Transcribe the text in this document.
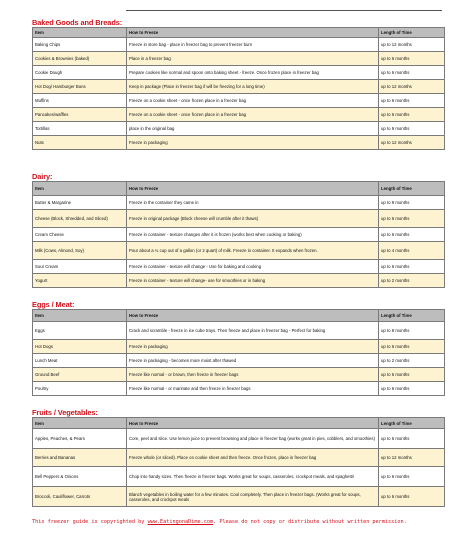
Baked Goods and Breads:
Item	How to Freeze	Length of Time
Baking Chips	Freeze in store bag - place in freezer bag to prevent freezer burn	up to 12 months
Cookies & Brownies (baked)	Place in a freezer bag	up to 6 months
Cookie Dough	Prepare cookies like normal and spoon onto baking sheet - freeze. Once frozen place in freezer bag	up to 6 months
Hot Dog/ Hamburger Buns	Keep in package (Place in freezer bag if will be freezing for a long time)	up to 12 months
Muffins	Freeze on a cookie sheet - once frozen place in a freezer bag	up to 6 months
Pancakes/waffles	Freeze on a cookie sheet - once frozen place in a freezer bag	up to 6 months
Tortillas	place in the original bag	up to 9 months
Nuts	Freeze in packaging	up to 12 months
Dairy:
Item	How to Freeze	Length of Time
Butter & Margarine	Freeze in the container they came in	up to 9 months
Cheese (Block, Shredded, and Sliced)	Freeze in original package (Block cheese will crumble after it thaws)	up to 6 months
Cream Cheese	Freeze in container - texture changes after it is frozen (works best when cooking or baking)	up to 6 months
Milk (Cows, Almond, Soy)	Pour about a ¼ cup out of a gallon (or 2 quart) of milk. Freeze in container. It expands when frozen.	up to 4 months
Sour Cream	Freeze in container - texture will change - Use for baking and cooking	up to 6 months
Yogurt	Freeze in container - texture will change- use for smoothies or in baking	up to 2 months
Eggs / Meat:
Item	How to Freeze	Length of Time
Eggs	Crack and scramble - freeze in ice cube trays. Then freeze and place in freezer bag - Perfect for baking	up to 8 months
Hot Dogs	Freeze in packaging	up to 6 months
Lunch Meat	Freeze in packaging - becomes more moist after thawed	up to 2 months
Ground Beef	Freeze like normal - or brown, then freeze in freezer bags	up to 6 months
Poultry	Freeze like normal - or marinate and then freeze in freezer bags	up to 6 months
Fruits / Vegetables:
Item	How to Freeze	Length of Time
Apples, Peaches, & Pears	Core, peel and slice. Use lemon juice to prevent browning and place in freezer bag (works great in pies, cobblers, and smoothies)	up to 6 months
Berries and Bananas	Freeze whole (or sliced). Place on cookie sheet and then freeze. Once frozen, place in freezer bag	up to 12 months
Bell Peppers & Onions	Chop into handy sizes. Then freeze in freezer bags. Works great for soups, casseroles, crockpot meals, and spaghetti!	up to 6 months
Broccoli, Cauliflower, Carrots	Blanch vegetables in boiling water for a few minutes. Cool completely. Then place in freezer bags. (Works great for soups, casseroles, and crockpot meals	up to 6 months
This freezer guide is copyrighted by www.EatingonaDime.com. Please do not copy or distribute without written permission.
